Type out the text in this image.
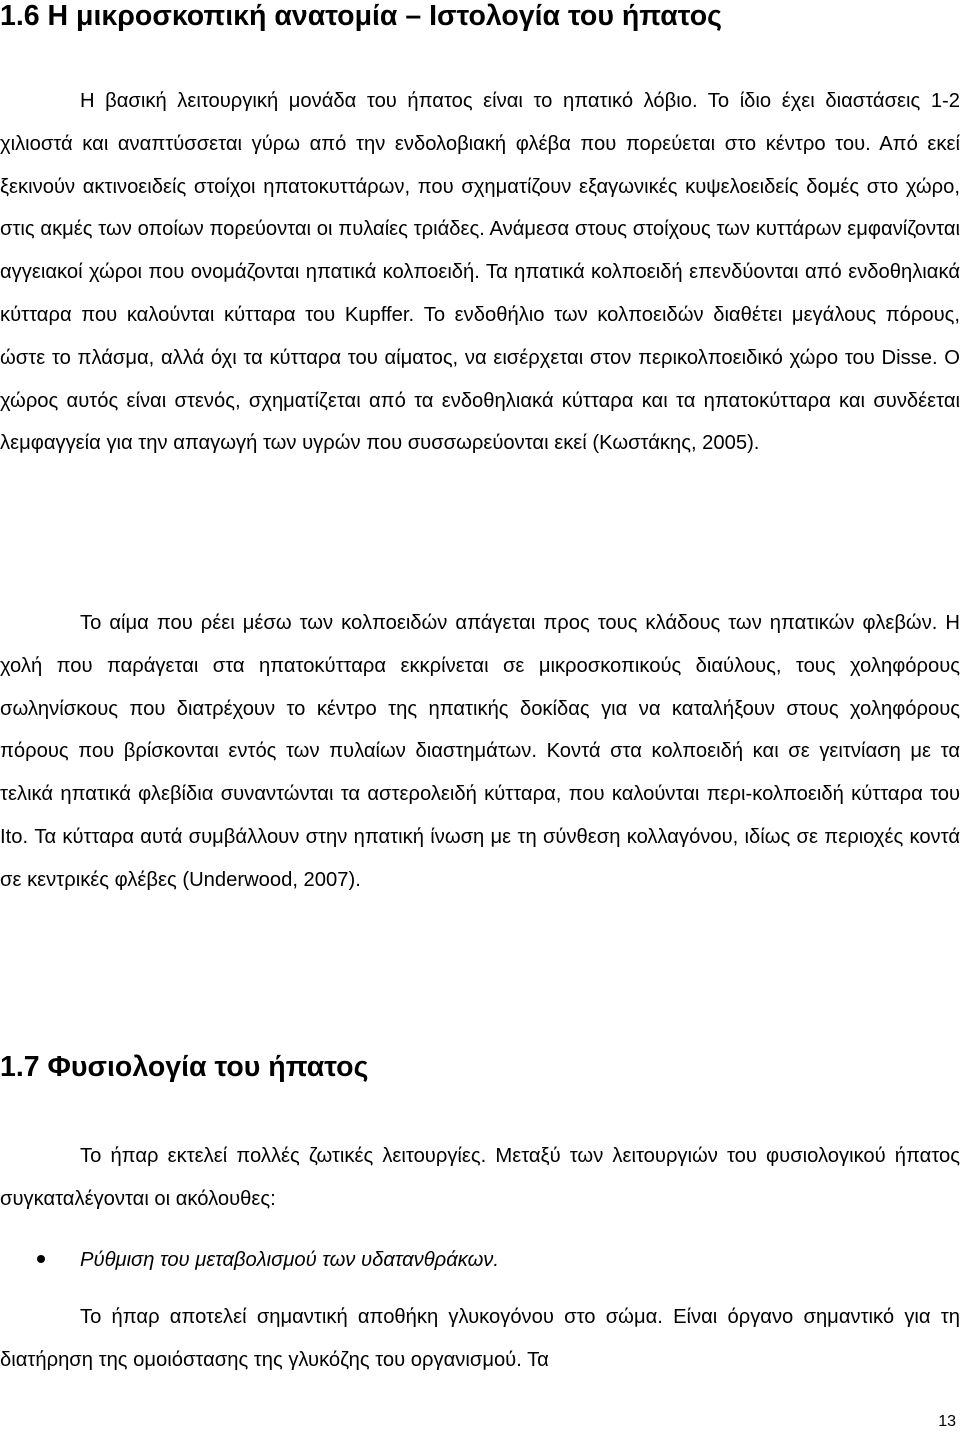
1.6 Η μικροσκοπική ανατομία – Ιστολογία του ήπατος

Η βασική λειτουργική μονάδα του ήπατος είναι το ηπατικό λόβιο. Το ίδιο έχει διαστάσεις 1-2 χιλιοστά και αναπτύσσεται γύρω από την ενδολοβιακή φλέβα που πορεύεται στο κέντρο του. Από εκεί ξεκινούν ακτινοειδείς στοίχοι ηπατοκυττάρων, που σχηματίζουν εξαγωνικές κυψελοειδείς δομές στο χώρο, στις ακμές των οποίων πορεύονται οι πυλαίες τριάδες. Ανάμεσα στους στοίχους των κυττάρων εμφανίζονται αγγειακοί χώροι που ονομάζονται ηπατικά κολποειδή. Τα ηπατικά κολποειδή επενδύονται από ενδοθηλιακά κύτταρα που καλούνται κύτταρα του Kupffer. Το ενδοθήλιο των κολποειδών διαθέτει μεγάλους πόρους, ώστε το πλάσμα, αλλά όχι τα κύτταρα του αίματος, να εισέρχεται στον περικολποειδικό χώρο του Disse. Ο χώρος αυτός είναι στενός, σχηματίζεται από τα ενδοθηλιακά κύτταρα και τα ηπατοκύτταρα και συνδέεται λεμφαγγεία για την απαγωγή των υγρών που συσσωρεύονται εκεί (Κωστάκης, 2005).

Το αίμα που ρέει μέσω των κολποειδών απάγεται προς τους κλάδους των ηπατικών φλεβών. Η χολή που παράγεται στα ηπατοκύτταρα εκκρίνεται σε μικροσκοπικούς διαύλους, τους χοληφόρους σωληνίσκους που διατρέχουν το κέντρο της ηπατικής δοκίδας για να καταλήξουν στους χοληφόρους πόρους που βρίσκονται εντός των πυλαίων διαστημάτων. Κοντά στα κολποειδή και σε γειτνίαση με τα τελικά ηπατικά φλεβίδια συναντώνται τα αστερολειδή κύτταρα, που καλούνται περι-κολποειδή κύτταρα του Ito. Τα κύτταρα αυτά συμβάλλουν στην ηπατική ίνωση με τη σύνθεση κολλαγόνου, ιδίως σε περιοχές κοντά σε κεντρικές φλέβες (Underwood, 2007).

1.7 Φυσιολογία του ήπατος

Το ήπαρ εκτελεί πολλές ζωτικές λειτουργίες. Μεταξύ των λειτουργιών του φυσιολογικού ήπατος συγκαταλέγονται οι ακόλουθες:

Ρύθμιση του μεταβολισμού των υδατανθράκων.

Το ήπαρ αποτελεί σημαντική αποθήκη γλυκογόνου στο σώμα. Είναι όργανο σημαντικό για τη διατήρηση της ομοιόστασης της γλυκόζης του οργανισμού. Τα

13
